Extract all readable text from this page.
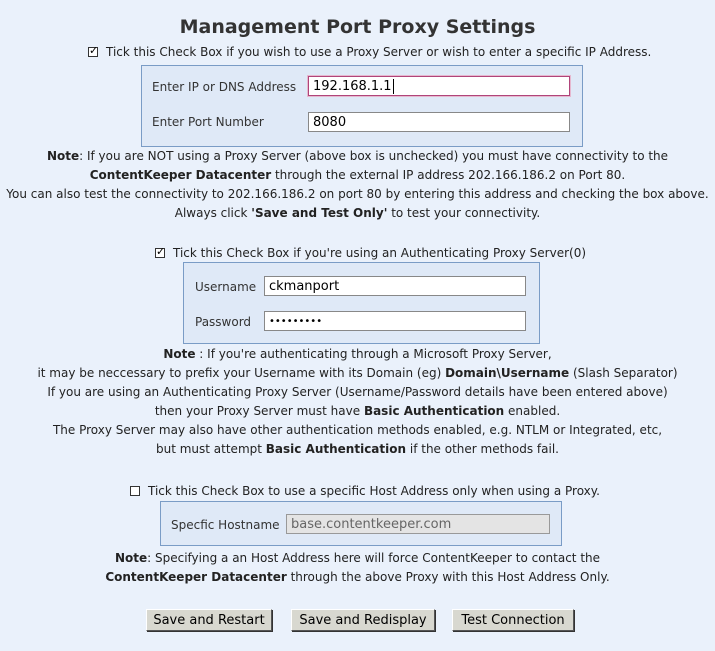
Management Port Proxy Settings
✓
Tick this Check Box if you wish to use a Proxy Server or wish to enter a specific IP Address.
Enter IP or DNS Address 192.168.1.1
Enter Port Number	8080
Note: If you are NOT using a Proxy Server (above box is unchecked) you must have connectivity to the
ContentKeeper Datacenter through the external IP address 202.166.186.2 on Port 80.
You can also test the connectivity to 202.166.186.2 on port 80 by entering this address and checking the box above.
Always click 'Save and Test Only' to test your connectivity.
✓
Tick this Check Box if you're using an Authenticating Proxy Server(0)
Username ckmanport
Password •••••••••
Note : If you're authenticating through a Microsoft Proxy Server,
it may be neccessary to prefix your Username with its Domain (eg) Domain\Username (Slash Separator)
If you are using an Authenticating Proxy Server (Username/Password details have been entered above)
then your Proxy Server must have Basic Authentication enabled.
The Proxy Server may also have other authentication methods enabled, e.g. NTLM or Integrated, etc,
but must attempt Basic Authentication if the other methods fail.
Tick this Check Box to use a specific Host Address only when using a Proxy.
Specfic Hostname base.contentkeeper.com
Note: Specifying a an Host Address here will force ContentKeeper to contact the
ContentKeeper Datacenter through the above Proxy with this Host Address Only.
Save and Restart	Save and Redisplay	Test Connection
